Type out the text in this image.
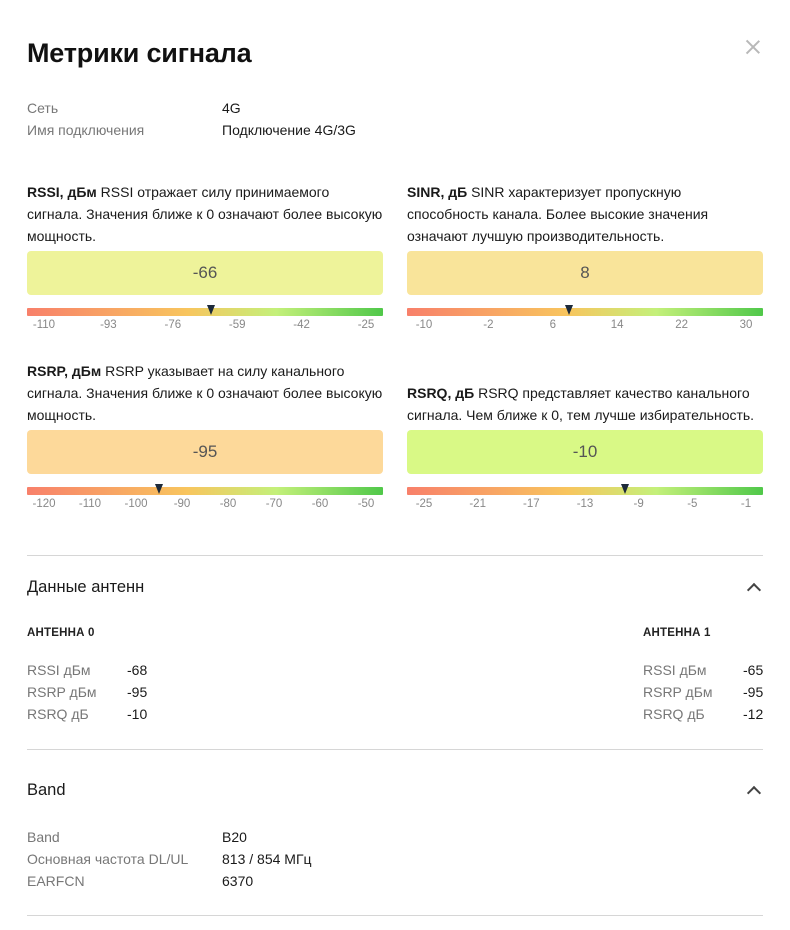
Метрики сигнала
Сеть	4G
Имя подключения	Подключение 4G/3G
RSSI, дБм RSSI отражает силу принимаемого сигнала. Значения ближе к 0 означают более высокую мощность.
-66
-110	-93	-76	-59	-42	-25
SINR, дБ SINR характеризует пропускную способность канала. Более высокие значения означают лучшую производительность.
8
-10	-2	6	14	22	30
RSRP, дБм RSRP указывает на силу канального сигнала. Значения ближе к 0 означают более высокую мощность.
-95
-120 -110 -100 -90	-80	-70	-60	-50
RSRQ, дБ RSRQ представляет качество канального сигнала. Чем ближе к 0, тем лучше избирательность.
-10
-25	-21	-17	-13	-9	-5	-1
Данные антенн
АНТЕННА 0
RSSI дБм	-68
RSRP дБм	-95
RSRQ дБ	-10
АНТЕННА 1
RSSI дБм	-65
RSRP дБм	-95
RSRQ дБ	-12
Band
Band	B20
Основная частота DL/UL	813 / 854 МГц
EARFCN	6370
